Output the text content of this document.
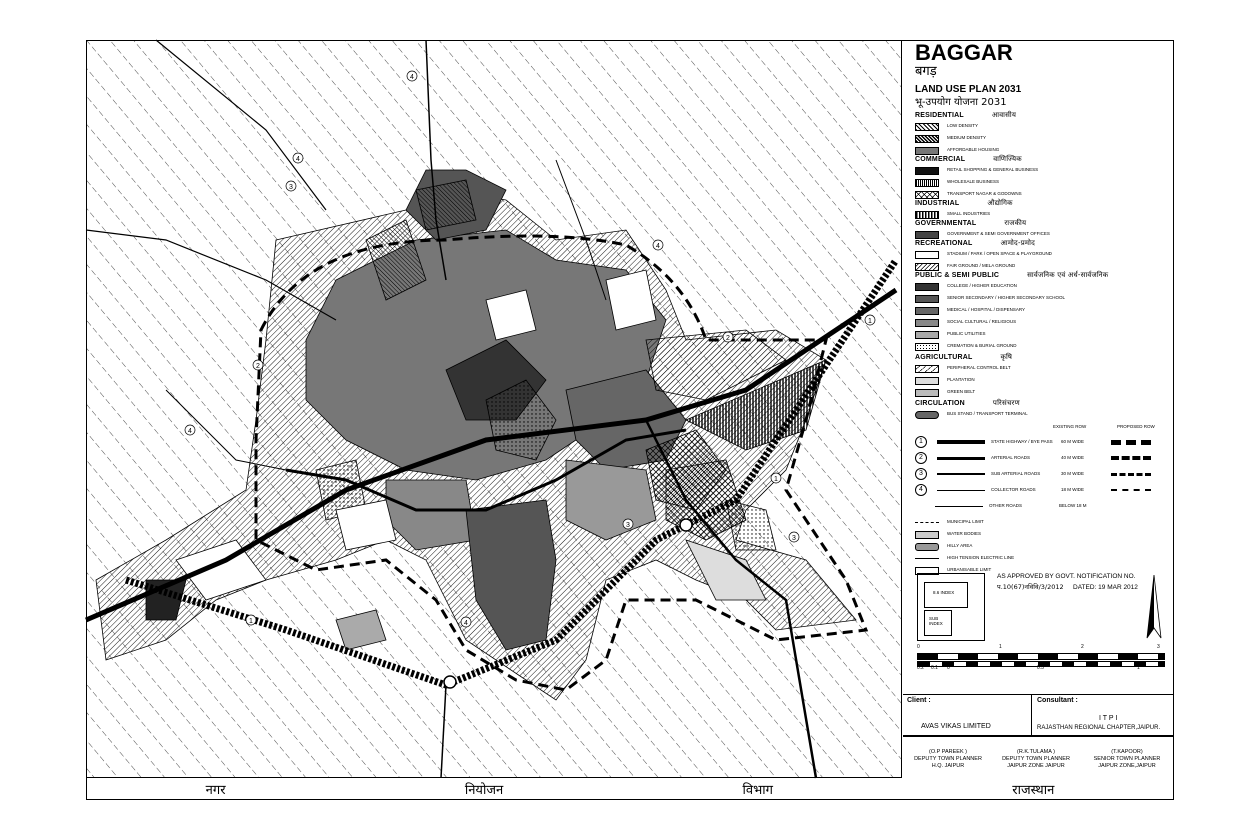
4
4
3
1
1
3
1	4
4
2
3
4
2
BAGGAR
बगड़
LAND USE PLAN 2031
भू-उपयोग योजना 2031
RESIDENTIAL	आवासीय
LOW DENSITY
MEDIUM DENSITY
AFFORDABLE HOUSING
COMMERCIAL	वाणिज्यिक
RETAIL SHOPPING & GENERAL BUSINESS
WHOLESALE BUSINESS
TRANSPORT NAGAR & GODOWNS
INDUSTRIAL	औद्योगिक
SMALL INDUSTRIES
GOVERNMENTAL	राजकीय
GOVERNMENT & SEMI GOVERNMENT OFFICES
RECREATIONAL	आमोद-प्रमोद
STADIUM / PARK / OPEN SPACE & PLAYGROUND
FAIR GROUND / MELA GROUND
PUBLIC & SEMI PUBLIC	सार्वजनिक एवं अर्ध-सार्वजनिक
COLLEGE / HIGHER EDUCATION
SENIOR SECONDARY / HIGHER SECONDARY SCHOOL
MEDICAL / HOSPITAL / DISPENSARY
SOCIAL CULTURAL / RELIGIOUS
PUBLIC UTILITIES
CREMATION & BURIAL GROUND
AGRICULTURAL	कृषि
PERIPHERAL CONTROL BELT
PLANTATION
GREEN BELT
CIRCULATION	परिसंचरण
BUS STAND / TRANSPORT TERMINAL
EXISTING ROW	PROPOSED ROW
1	STATE HIGHWAY / BYE PASS 60 M WIDE
2	ARTERIAL ROADS	40 M WIDE
3	SUB ARTERIAL ROADS	30 M WIDE
4	COLLECTOR ROADS	18 M WIDE
OTHER ROADS	BELOW 18 M
MUNICIPAL LIMIT
WATER BODIES
HILLY AREA
HIGH TENSION ELECTRIC LINE
URBANISABLE LIMIT
AS APPROVED BY GOVT. NOTIFICATION NO.
प.10(67)नविवि/3/2012 DATED: 19 MAR 2012
8.6 INDEX
SUB INDEX
0	1	2	3
0.2 0.1 0	0.5	1
Client :
AVAS VIKAS LIMITED
Consultant :
I T P I
RAJASTHAN REGIONAL CHAPTER,JAIPUR.
(O.P PAREEK )
DEPUTY TOWN PLANNER
H.Q. JAIPUR
(R.K.TULAMA )
DEPUTY TOWN PLANNER
JAIPUR ZONE JAIPUR
(T.KAPOOR)
SENIOR TOWN PLANNER
JAIPUR ZONE,JAIPUR
नगर	नियोजन	विभाग	राजस्थान
